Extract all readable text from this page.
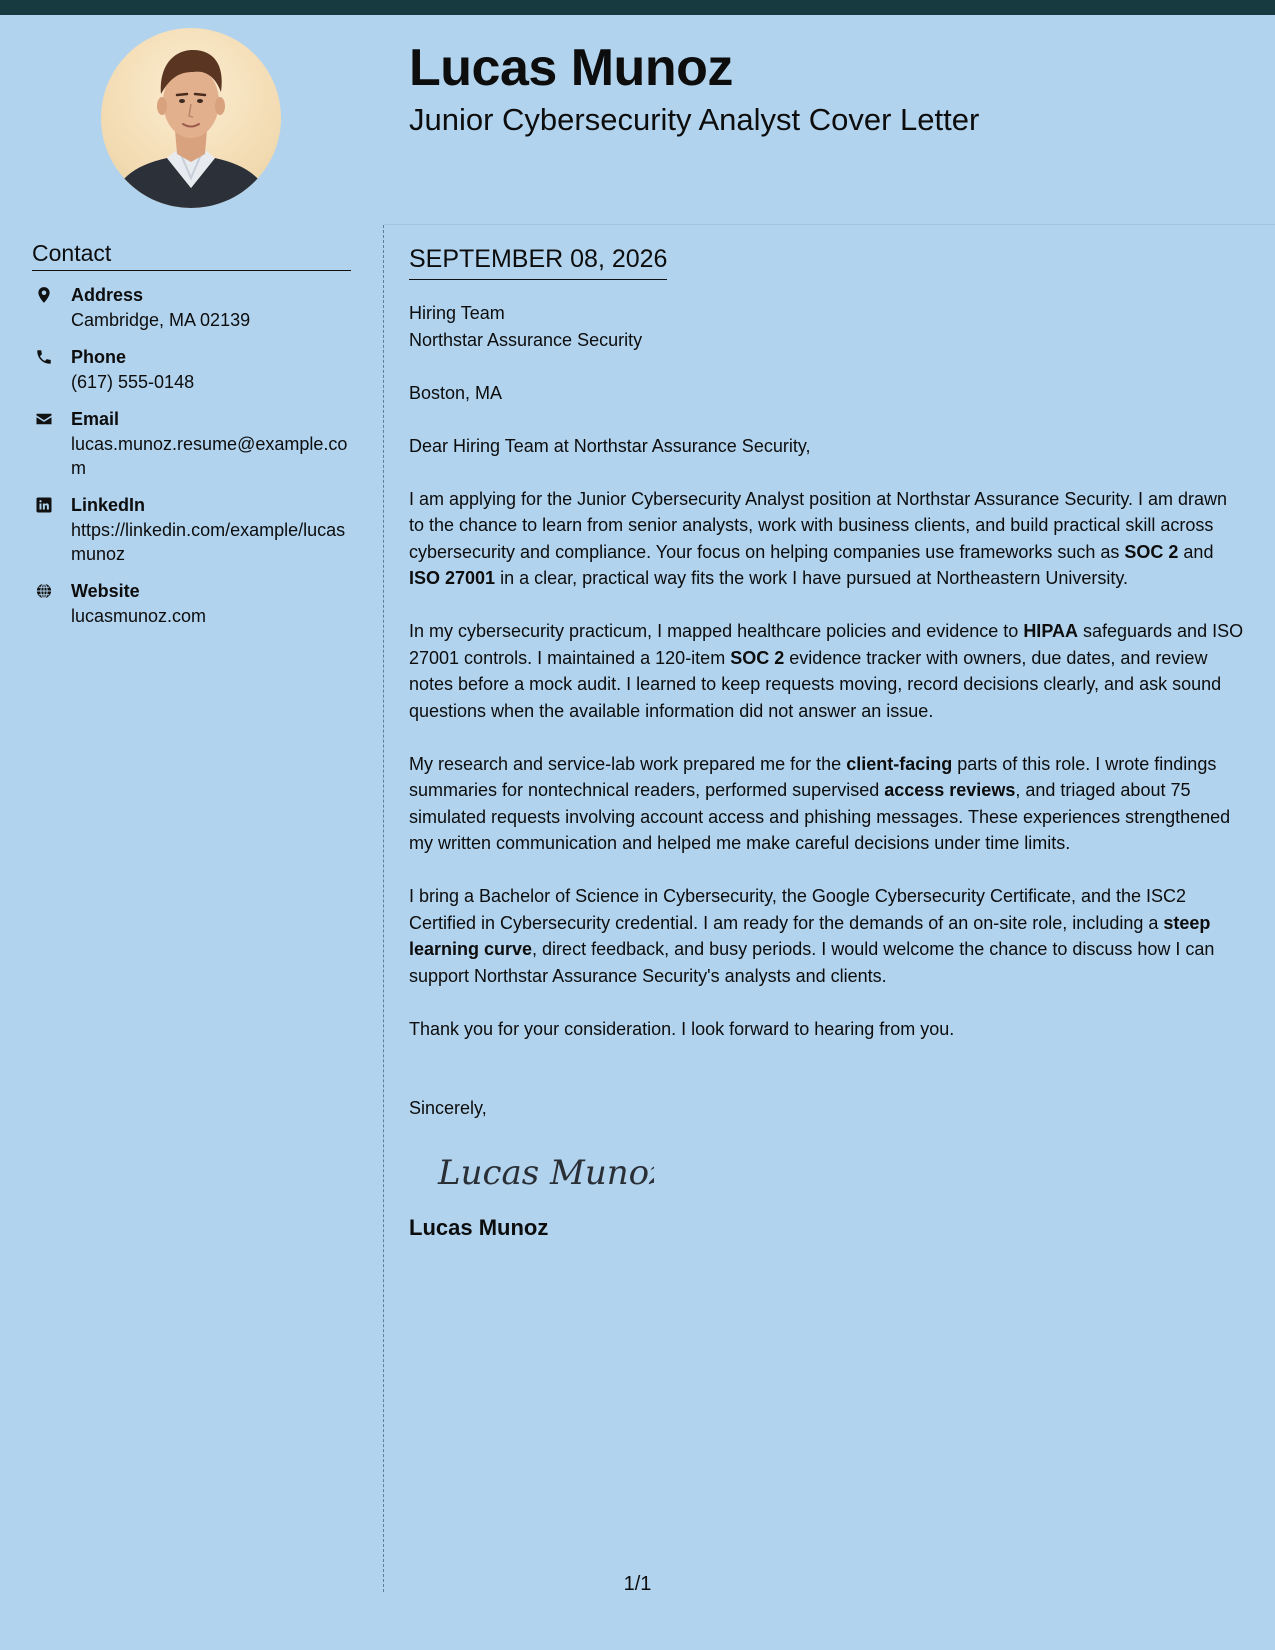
Lucas Munoz
Junior Cybersecurity Analyst Cover Letter
Contact
Address
Cambridge, MA 02139
Phone
(617) 555-0148
Email
lucas.munoz.resume@example.com
LinkedIn
https://linkedin.com/example/lucasmunoz
Website
lucasmunoz.com
SEPTEMBER 08, 2026
Hiring Team
Northstar Assurance Security
Boston, MA

Dear Hiring Team at Northstar Assurance Security,

I am applying for the Junior Cybersecurity Analyst position at Northstar Assurance Security. I am drawn to the chance to learn from senior analysts, work with business clients, and build practical skill across cybersecurity and compliance. Your focus on helping companies use frameworks such as SOC 2 and ISO 27001 in a clear, practical way fits the work I have pursued at Northeastern University.

In my cybersecurity practicum, I mapped healthcare policies and evidence to HIPAA safeguards and ISO 27001 controls. I maintained a 120-item SOC 2 evidence tracker with owners, due dates, and review notes before a mock audit. I learned to keep requests moving, record decisions clearly, and ask sound questions when the available information did not answer an issue.

My research and service-lab work prepared me for the client-facing parts of this role. I wrote findings summaries for nontechnical readers, performed supervised access reviews, and triaged about 75 simulated requests involving account access and phishing messages. These experiences strengthened my written communication and helped me make careful decisions under time limits.

I bring a Bachelor of Science in Cybersecurity, the Google Cybersecurity Certificate, and the ISC2 Certified in Cybersecurity credential. I am ready for the demands of an on-site role, including a steep learning curve, direct feedback, and busy periods. I would welcome the chance to discuss how I can support Northstar Assurance Security's analysts and clients.

Thank you for your consideration. I look forward to hearing from you.

Sincerely,

Lucas Munoz
Lucas Munoz
1/1
